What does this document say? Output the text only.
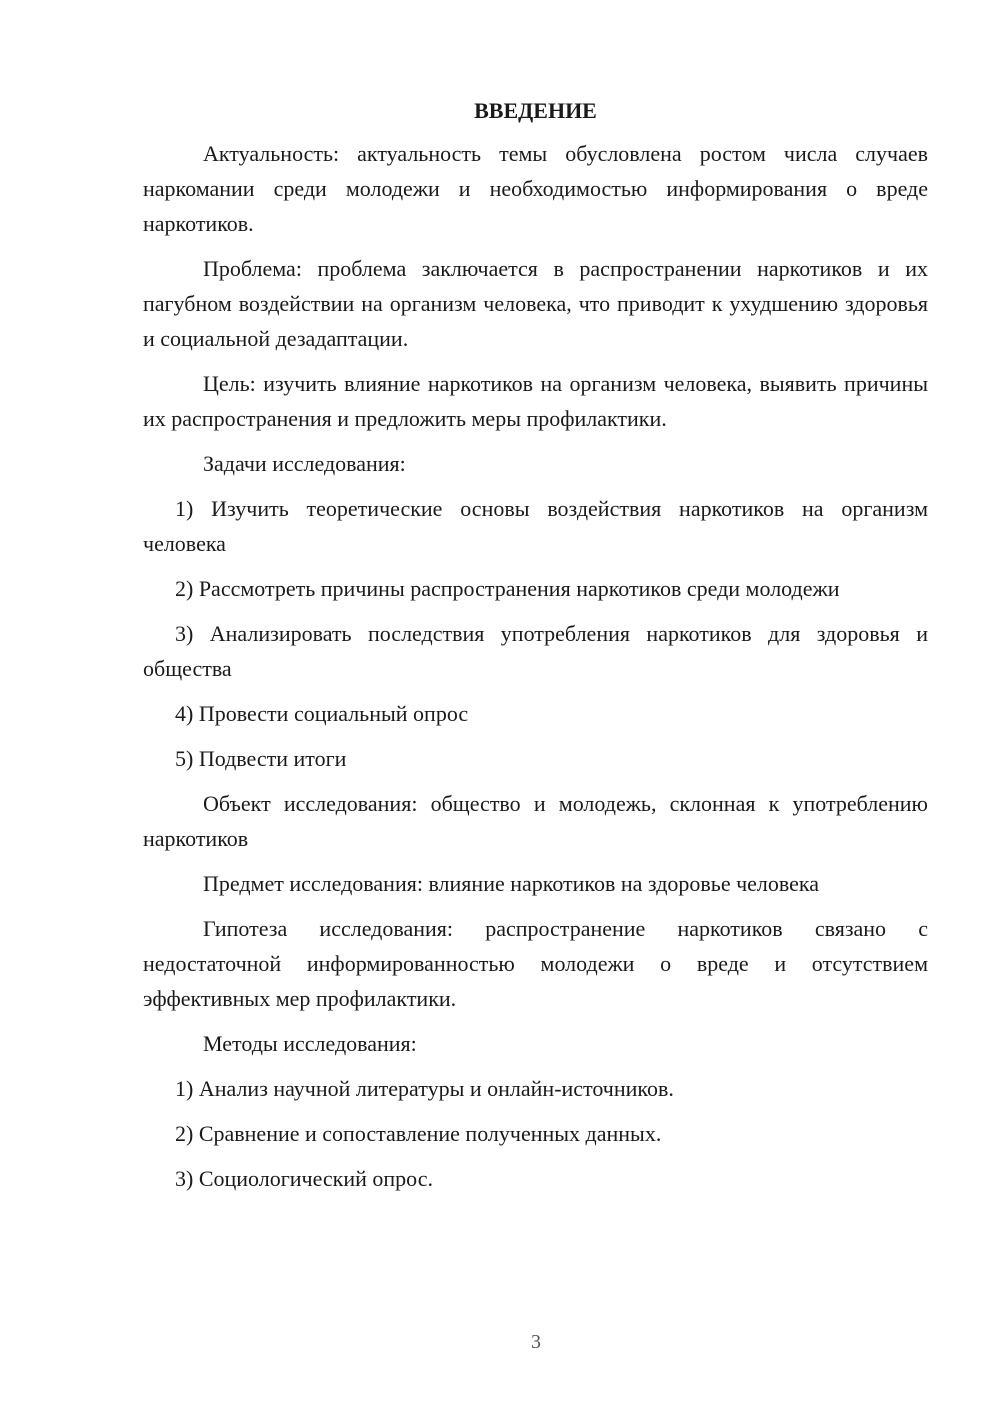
ВВЕДЕНИЕ
Актуальность: актуальность темы обусловлена ростом числа случаев наркомании среди молодежи и необходимостью информирования о вреде наркотиков.
Проблема: проблема заключается в распространении наркотиков и их пагубном воздействии на организм человека, что приводит к ухудшению здоровья и социальной дезадаптации.
Цель: изучить влияние наркотиков на организм человека, выявить причины их распространения и предложить меры профилактики.
Задачи исследования:
1) Изучить теоретические основы воздействия наркотиков на организм человека
2) Рассмотреть причины распространения наркотиков среди молодежи
3) Анализировать последствия употребления наркотиков для здоровья и общества
4) Провести социальный опрос
5) Подвести итоги
Объект исследования: общество и молодежь, склонная к употреблению наркотиков
Предмет исследования: влияние наркотиков на здоровье человека
Гипотеза исследования: распространение наркотиков связано с недостаточной информированностью молодежи о вреде и отсутствием эффективных мер профилактики.
Методы исследования:
1) Анализ научной литературы и онлайн-источников.
2) Сравнение и сопоставление полученных данных.
3) Социологический опрос.
3
